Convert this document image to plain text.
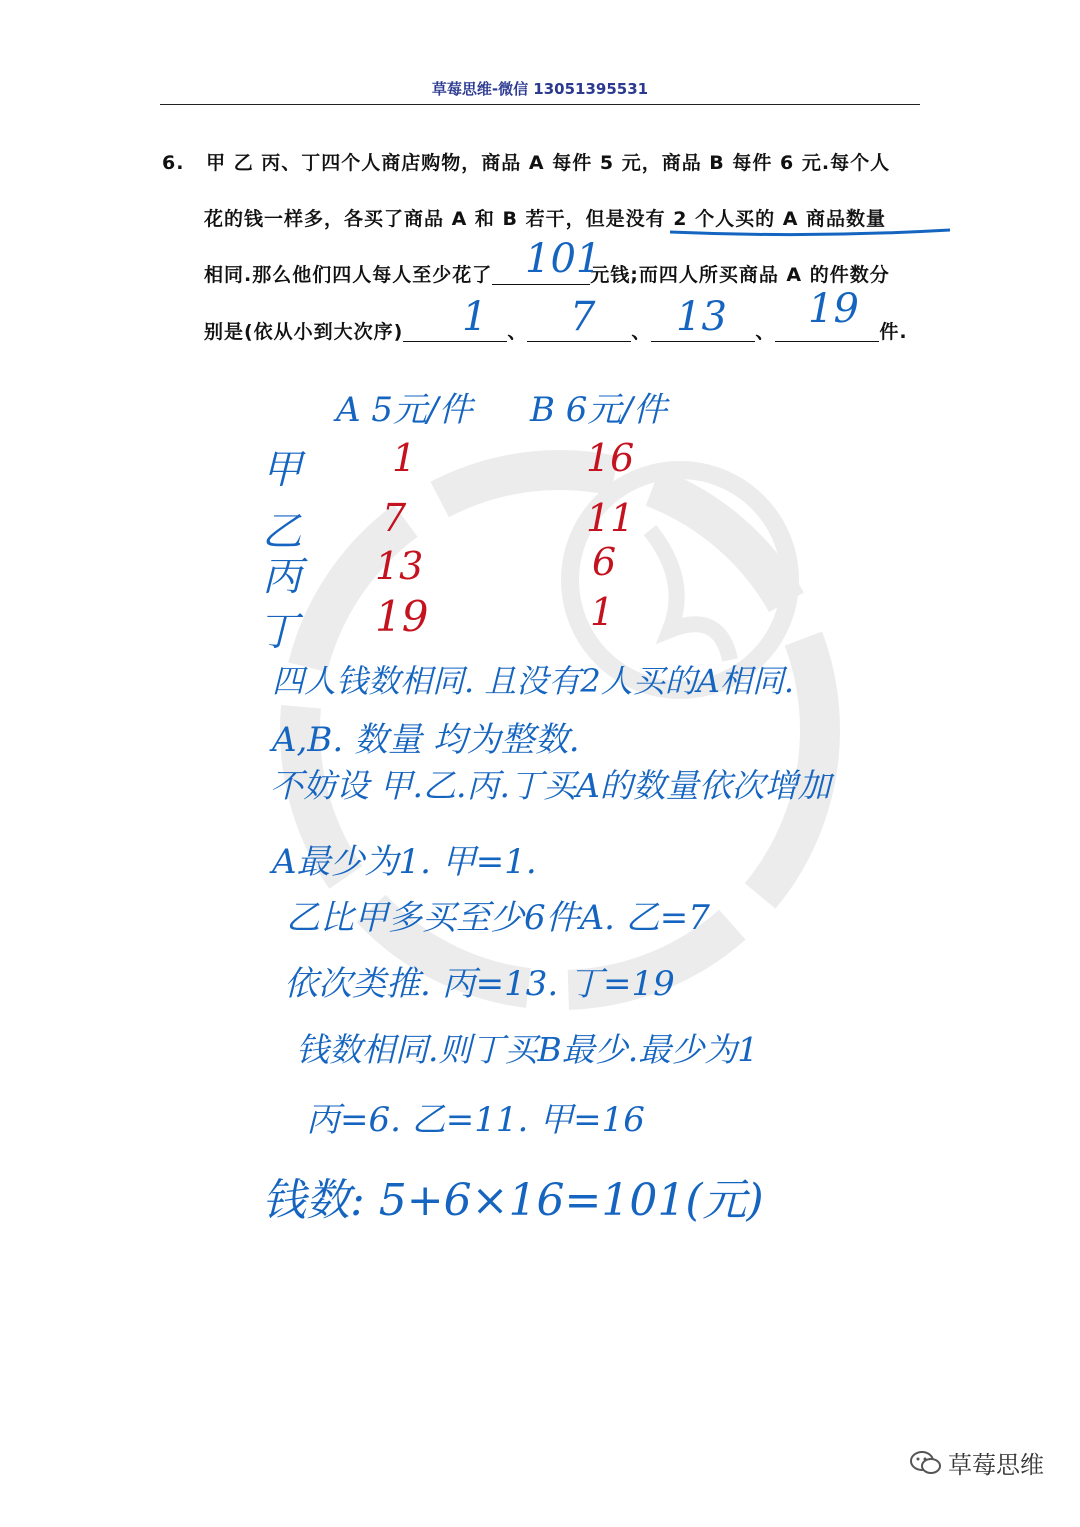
草莓思维-微信 13051395531
6. 甲 乙 丙、丁四个人商店购物，商品 A 每件 5 元，商品 B 每件 6 元.每个人
花的钱一样多，各买了商品 A 和 B 若干，但是没有 2 个人买的 A 商品数量
相同.那么他们四人每人至少花了	元钱;而四人所买商品 A 的件数分
101
别是(依从小到大次序)	、	、	、	件.
1 7 13 19
A 5元/件 B 6元/件
甲 1	16
乙 7	11
丙 13	6
丁 19	1
四人钱数相同. 且没有2人买的A相同.
A,B. 数量 均为整数.
不妨设 甲.乙.丙.丁买A的数量依次增加
A最少为1. 甲=1.
乙比甲多买至少6件A. 乙=7
依次类推. 丙=13. 丁=19
钱数相同.则丁买B最少.最少为1
丙=6. 乙=11. 甲=16
钱数: 5+6×16=101(元)
草莓思维
